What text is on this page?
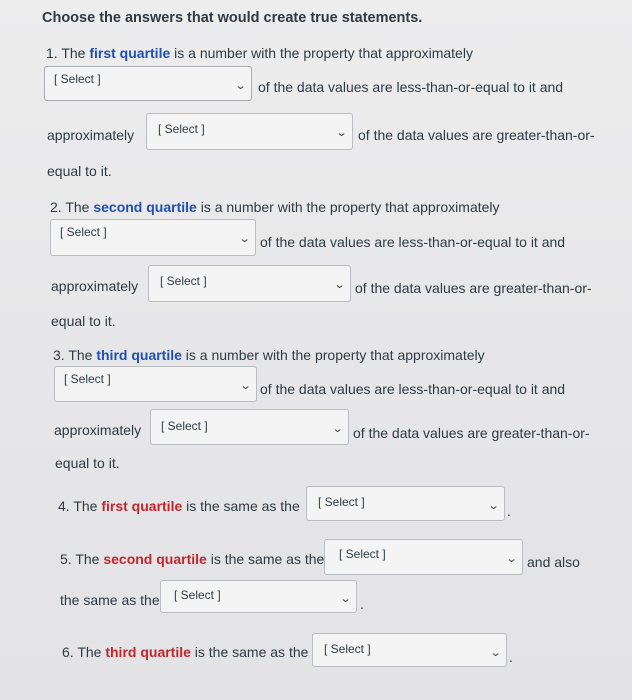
Choose the answers that would create true statements.
1. The first quartile is a number with the property that approximately
[ Select ]	⌄ of the data values are less-than-or-equal to it and
approximately [ Select ]	⌄ of the data values are greater-than-or-
equal to it.
2. The second quartile is a number with the property that approximately
[ Select ]	⌄ of the data values are less-than-or-equal to it and
approximately [ Select ]	⌄ of the data values are greater-than-or-
equal to it.
3. The third quartile is a number with the property that approximately
[ Select ]	⌄ of the data values are less-than-or-equal to it and
approximately [ Select ]	⌄ of the data values are greater-than-or-
equal to it.
4. The first quartile is the same as the [ Select ]	⌄ .
5. The second quartile is the same as the [ Select ]	⌄ and also
the same as the [ Select ]	⌄ .
6. The third quartile is the same as the [ Select ]	⌄ .
